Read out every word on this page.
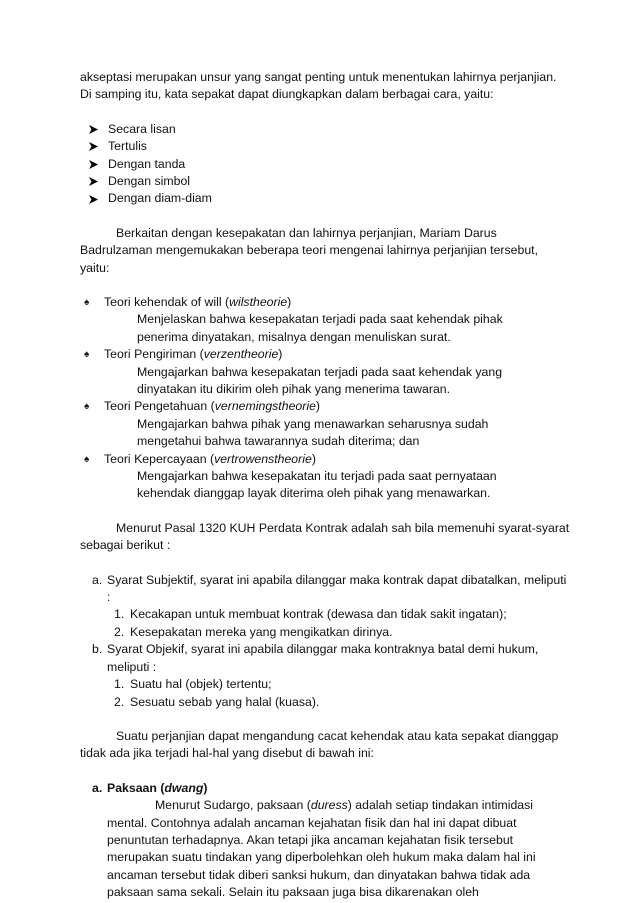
akseptasi merupakan unsur yang sangat penting untuk menentukan lahirnya perjanjian. Di samping itu, kata sepakat dapat diungkapkan dalam berbagai cara, yaitu:

Secara lisan
Tertulis
Dengan tanda
Dengan simbol
Dengan diam-diam

Berkaitan dengan kesepakatan dan lahirnya perjanjian, Mariam Darus Badrulzaman mengemukakan beberapa teori mengenai lahirnya perjanjian tersebut, yaitu:

♠	Teori kehendak of will (wilstheorie)
Menjelaskan bahwa kesepakatan terjadi pada saat kehendak pihak penerima dinyatakan, misalnya dengan menuliskan surat.
♠	Teori Pengiriman (verzentheorie)
Mengajarkan bahwa kesepakatan terjadi pada saat kehendak yang dinyatakan itu dikirim oleh pihak yang menerima tawaran.
♠	Teori Pengetahuan (vernemingstheorie)
Mengajarkan bahwa pihak yang menawarkan seharusnya sudah mengetahui bahwa tawarannya sudah diterima; dan
♠	Teori Kepercayaan (vertrowenstheorie)
Mengajarkan bahwa kesepakatan itu terjadi pada saat pernyataan kehendak dianggap layak diterima oleh pihak yang menawarkan.

Menurut Pasal 1320 KUH Perdata Kontrak adalah sah bila memenuhi syarat-syarat sebagai berikut :

a. Syarat Subjektif, syarat ini apabila dilanggar maka kontrak dapat dibatalkan, meliputi :
1. Kecakapan untuk membuat kontrak (dewasa dan tidak sakit ingatan);
2. Kesepakatan mereka yang mengikatkan dirinya.
b. Syarat Objekif, syarat ini apabila dilanggar maka kontraknya batal demi hukum, meliputi :
1. Suatu hal (objek) tertentu;
2. Sesuatu sebab yang halal (kuasa).

Suatu perjanjian dapat mengandung cacat kehendak atau kata sepakat dianggap tidak ada jika terjadi hal-hal yang disebut di bawah ini:

a. Paksaan (dwang)
Menurut Sudargo, paksaan (duress) adalah setiap tindakan intimidasi mental. Contohnya adalah ancaman kejahatan fisik dan hal ini dapat dibuat penuntutan terhadapnya. Akan tetapi jika ancaman kejahatan fisik tersebut merupakan suatu tindakan yang diperbolehkan oleh hukum maka dalam hal ini ancaman tersebut tidak diberi sanksi hukum, dan dinyatakan bahwa tidak ada paksaan sama sekali. Selain itu paksaan juga bisa dikarenakan oleh
